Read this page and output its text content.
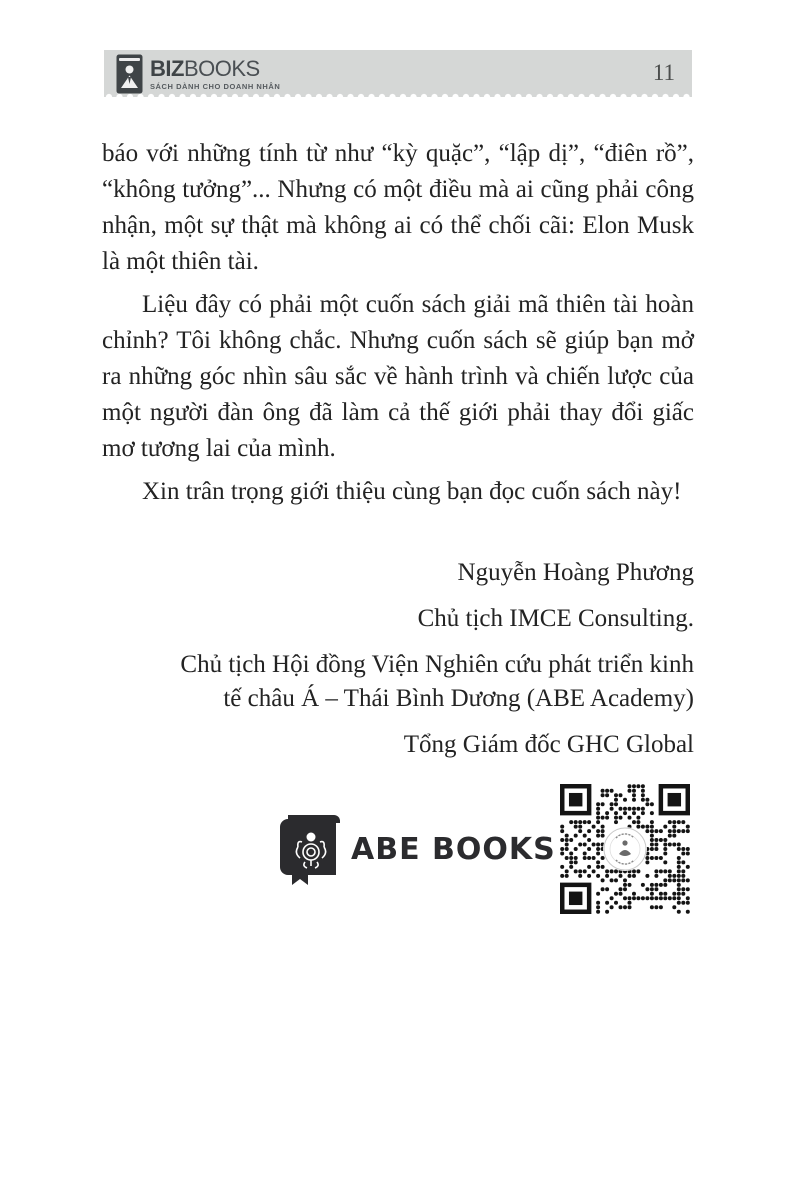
BIZBOOKS
SÁCH DÀNH CHO DOANH NHÂN
11

báo với những tính từ như “kỳ quặc”, “lập dị”, “điên rồ”, “không tưởng”... Nhưng có một điều mà ai cũng phải công nhận, một sự thật mà không ai có thể chối cãi: Elon Musk là một thiên tài.

Liệu đây có phải một cuốn sách giải mã thiên tài hoàn chỉnh? Tôi không chắc. Nhưng cuốn sách sẽ giúp bạn mở ra những góc nhìn sâu sắc về hành trình và chiến lược của một người đàn ông đã làm cả thế giới phải thay đổi giấc mơ tương lai của mình.

Xin trân trọng giới thiệu cùng bạn đọc cuốn sách này!

Nguyễn Hoàng Phương
Chủ tịch IMCE Consulting.
Chủ tịch Hội đồng Viện Nghiên cứu phát triển kinh
tế châu Á – Thái Bình Dương (ABE Academy)
Tổng Giám đốc GHC Global
ABE BOOKS
